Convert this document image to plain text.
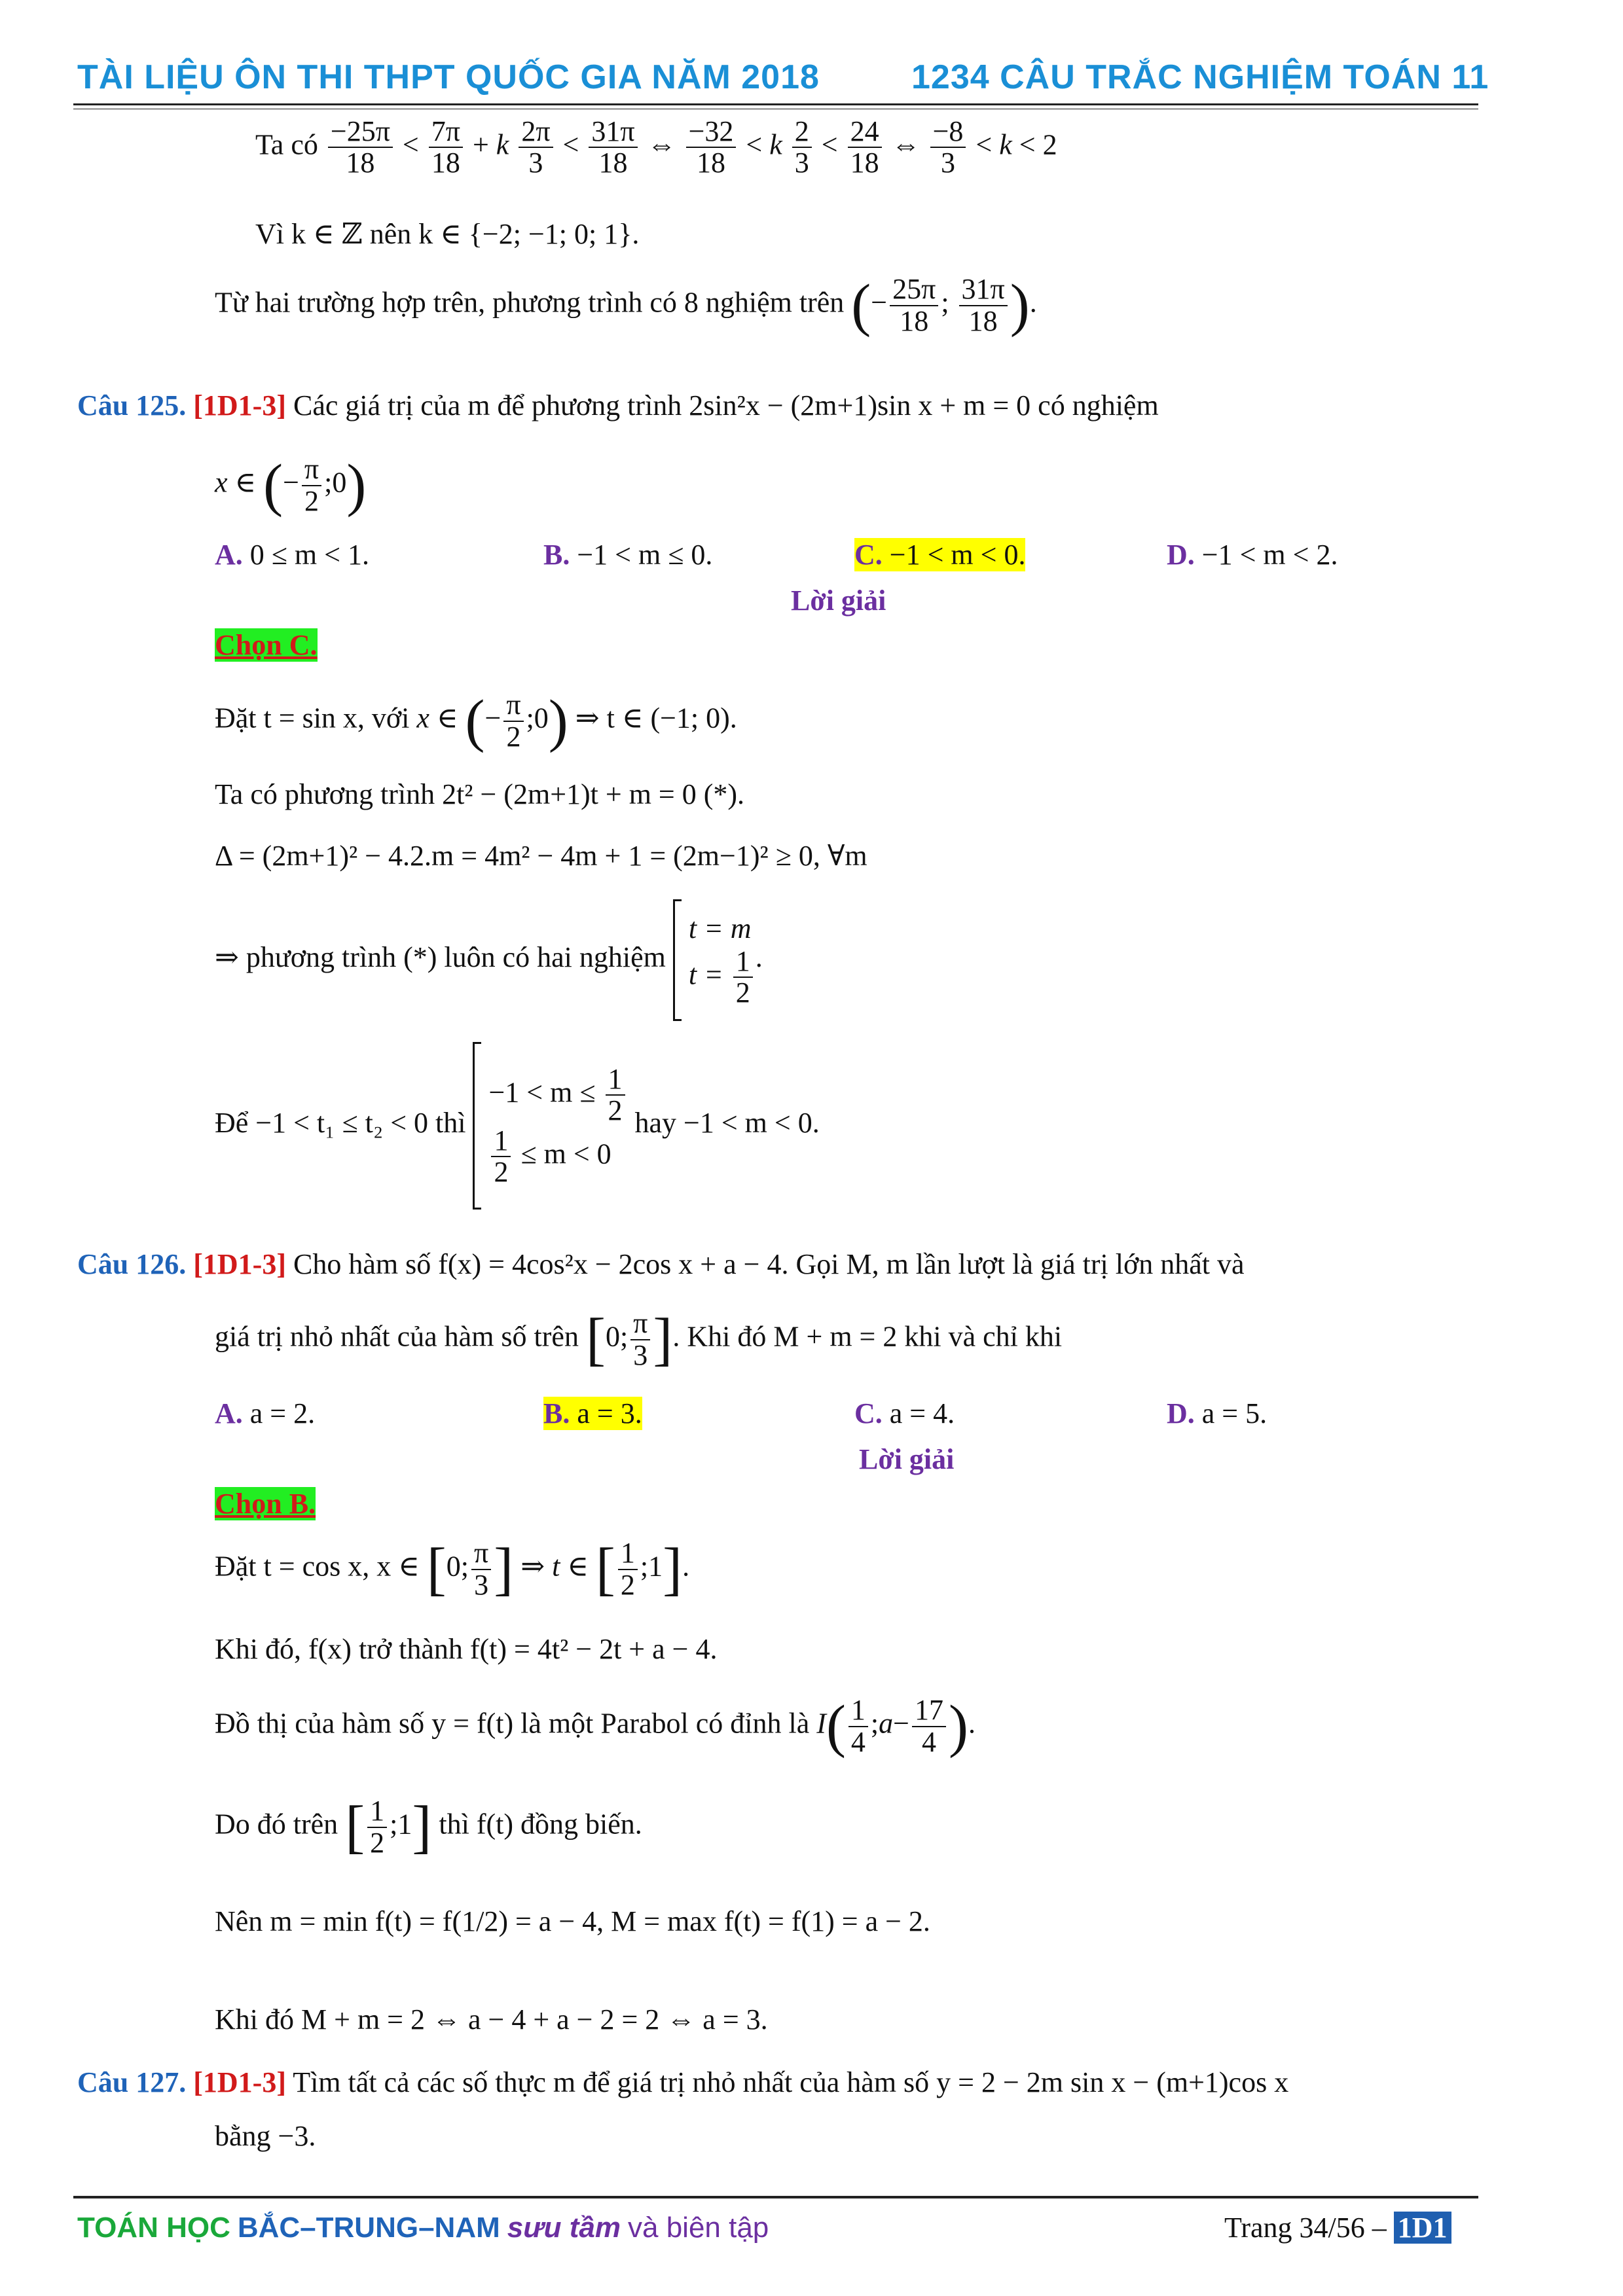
TÀI LIỆU ÔN THI THPT QUỐC GIA NĂM 2018	1234 CÂU TRẮC NGHIỆM TOÁN 11
Ta có $\frac{-25\pi}{18} < \frac{7\pi}{18} + k \frac{2\pi}{3} < \frac{31\pi}{18}$ ⇔ $\frac{-32}{18} < k \frac{2}{3} < \frac{24}{18}$ ⇔ $\frac{-8}{3} < k < 2$
Vì k ∈ ℤ nên k ∈ {−2; −1; 0; 1}.
Từ hai trường hợp trên, phương trình có 8 nghiệm trên (− $\frac{25\pi}{18}$ ; $\frac{31\pi}{18}$ ).
Câu 125. [1D1-3] Các giá trị của m để phương trình 2sin²x − (2m+1)sin x + m = 0 có nghiệm
x ∈ (− $\frac{\pi}{2}$ ;0)
A. 0 ≤ m < 1.	B. −1 < m ≤ 0.	C. −1 < m < 0.	D. −1 < m < 2.
Lời giải
Chọn C.
Đặt t = sin x, với x ∈ (− $\frac{\pi}{2}$ ;0) ⇒ t ∈ (−1; 0).
Ta có phương trình 2t² − (2m+1)t + m = 0 (*).
Δ = (2m+1)² − 4.2.m = 4m² − 4m + 1 = (2m−1)² ≥ 0, ∀m
⇒ phương trình (*) luôn có hai nghiệm
t = m
$t = \frac{1}{2}$ .
Để −1 < t₁ ≤ t₂ < 0 thì
$-1 < m \le \frac{1}{2}$
$\frac{1}{2} \le m < 0$
hay −1 < m < 0.
Câu 126. [1D1-3] Cho hàm số f(x) = 4cos²x − 2cos x + a − 4. Gọi M, m lần lượt là giá trị lớn nhất và
giá trị nhỏ nhất của hàm số trên [0; $\frac{\pi}{3}$ ]. Khi đó M + m = 2 khi và chỉ khi
A. a = 2.	B. a = 3.	C. a = 4.	D. a = 5.
Lời giải
Chọn B.
Đặt t = cos x, x ∈ [0; $\frac{\pi}{3}$ ] ⇒ t ∈ [ $\frac{1}{2}$ ;1].
Khi đó, f(x) trở thành f(t) = 4t² − 2t + a − 4.
Đồ thị của hàm số y = f(t) là một Parabol có đỉnh là $I( \frac{1}{4}$ ;a− $\frac{17}{4}$ ).
Do đó trên [ $\frac{1}{2}$ ;1] thì f(t) đồng biến.
Nên m = min f(t) = f(1/2) = a − 4, M = max f(t) = f(1) = a − 2.
Khi đó M + m = 2 ⇔ a − 4 + a − 2 = 2 ⇔ a = 3.
Câu 127. [1D1-3] Tìm tất cả các số thực m để giá trị nhỏ nhất của hàm số y = 2 − 2m sin x − (m+1)cos x
bằng −3.
TOÁN HỌC BẮC–TRUNG–NAM sưu tầm và biên tập	Trang 34/56 – 1D1
